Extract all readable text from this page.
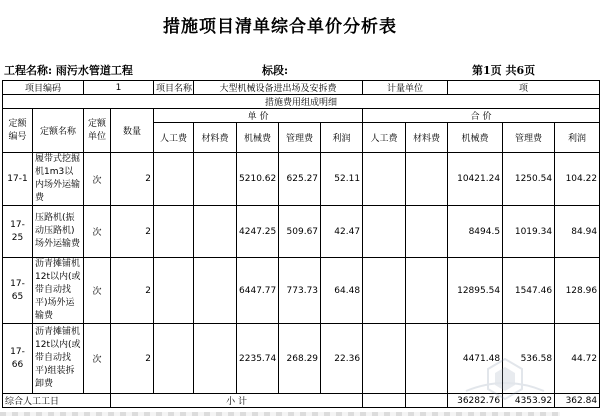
措施项目清单综合单价分析表
工程名称: 雨污水管道工程	标段:	第1页 共6页
项目编码		1		项目名称	大型机械设备进出场及安拆费				计量单位		项		
措施费用组成明细													
定额编号	定额名称	定额单位	数量	单 价					合 价				
				人工费	材料费	机械费	管理费	利润	人工费	材料费	机械费	管理费	利润
17-1	履带式挖掘机1m3以内场外运输费	次	2			5210.62	625.27	52.11			10421.24	1250.54	104.22
17-25	压路机(振动压路机)场外运输费	次	2			4247.25	509.67	42.47			8494.5	1019.34	84.94
17-65	沥青摊铺机12t以内(或带自动找平)场外运输费	次	2			6447.77	773.73	64.48			12895.54	1547.46	128.96
17-66	沥青摊铺机12t以内(或带自动找平)组装拆卸费	次	2			2235.74	268.29	22.36			4471.48	536.58	44.72
综合人工工日			小 计								36282.76	4353.92	362.84
